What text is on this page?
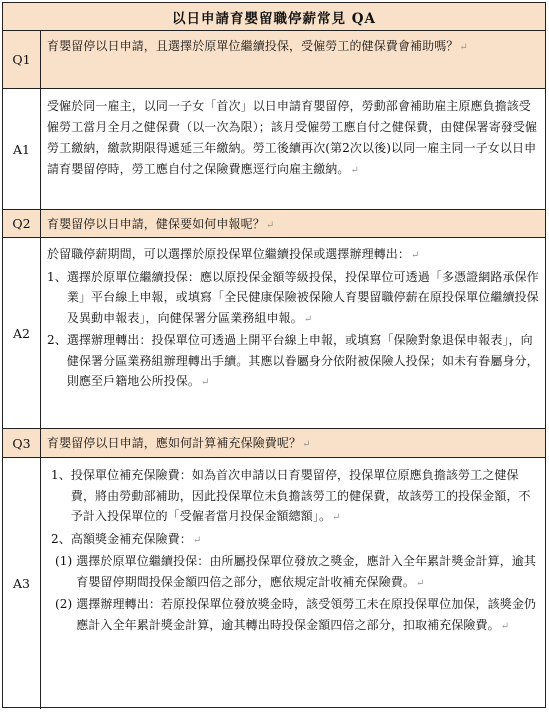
以日申請育嬰留職停薪常見 QA
Q1
育嬰留停以日申請，且選擇於原單位繼續投保，受僱勞工的健保費會補助嗎？↵
A1
受僱於同一雇主，以同一子女「首次」以日申請育嬰留停，勞動部會補助雇主原應負擔該受僱勞工當月全月之健保費（以一次為限）；該月受僱勞工應自付之健保費，由健保署寄發受僱勞工繳納，繳款期限得遞延三年繳納。勞工後續再次(第2次以後)以同一雇主同一子女以日申請育嬰留停時，勞工應自付之保險費應逕行向雇主繳納。↵
Q2	育嬰留停以日申請，健保要如何申報呢？↵
A2

於留職停薪期間，可以選擇於原投保單位繼續投保或選擇辦理轉出：↵

1、 選擇於原單位繼續投保：應以原投保金額等級投保，投保單位可透過「多憑證網路承保作業」平台線上申報，或填寫「全民健康保險被保險人育嬰留職停薪在原投保單位繼續投保及異動申報表」，向健保署分區業務組申報。↵
2、 選擇辦理轉出：投保單位可透過上開平台線上申報，或填寫「保險對象退保申報表」，向健保署分區業務組辦理轉出手續。其應以眷屬身分依附被保險人投保；如未有眷屬身分，則應至戶籍地公所投保。↵
Q3	育嬰留停以日申請，應如何計算補充保險費呢？↵
A3
1、 投保單位補充保險費：如為首次申請以日育嬰留停，投保單位原應負擔該勞工之健保費，將由勞動部補助，因此投保單位未負擔該勞工的健保費，故該勞工的投保金額，不予計入投保單位的「受僱者當月投保金額總額」。↵
2、 高額獎金補充保險費：↵
(1) 選擇於原單位繼續投保：由所屬投保單位發放之獎金，應計入全年累計獎金計算，逾其育嬰留停期間投保金額四倍之部分，應依規定計收補充保險費。↵
(2) 選擇辦理轉出：若原投保單位發放獎金時，該受領勞工未在原投保單位加保，該獎金仍應計入全年累計獎金計算，逾其轉出時投保金額四倍之部分，扣取補充保險費。↵
